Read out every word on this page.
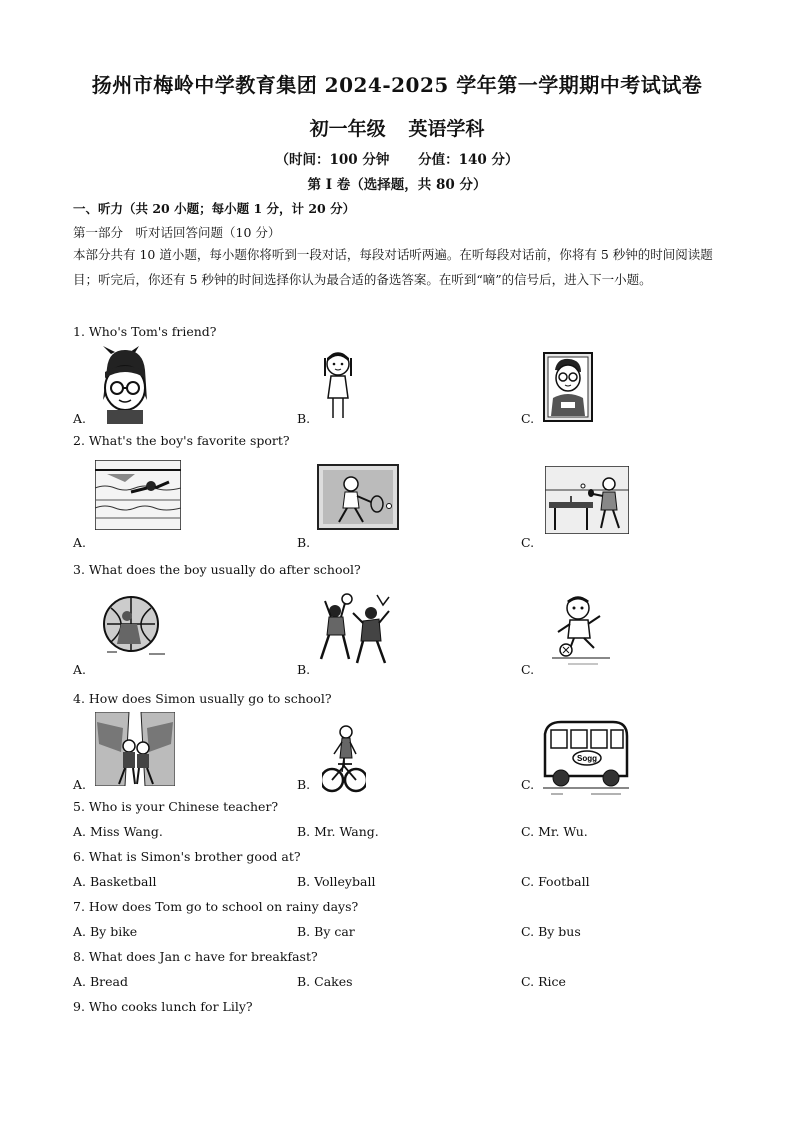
扬州市梅岭中学教育集团 2024-2025 学年第一学期期中考试试卷
初一年级 英语学科
（时间：100 分钟 分值：140 分）
第 I 卷（选择题，共 80 分）
一、听力（共 20 小题；每小题 1 分，计 20 分）
第一部分　听对话回答问题（10 分）
本部分共有 10 道小题，每小题你将听到一段对话，每段对话听两遍。在听每段对话前，你将有 5 秒钟的时间阅读题目；听完后，你还有 5 秒钟的时间选择你认为最合适的备选答案。在听到“嘀”的信号后，进入下一小题。
1. Who's Tom's friend?
A.	B.	C.
2. What's the boy's favorite sport?
A.	B.	C.
3. What does the boy usually do after school?
A.	B.	C.
4. How does Simon usually go to school?
A.	B.
Sogg
C.
5. Who is your Chinese teacher?
A. Miss Wang.	B. Mr. Wang.	C. Mr. Wu.
6. What is Simon's brother good at?
A. Basketball	B. Volleyball	C. Football
7. How does Tom go to school on rainy days?
A. By bike	B. By car	C. By bus
8. What does Jan c have for breakfast?
A. Bread	B. Cakes	C. Rice
9. Who cooks lunch for Lily?
